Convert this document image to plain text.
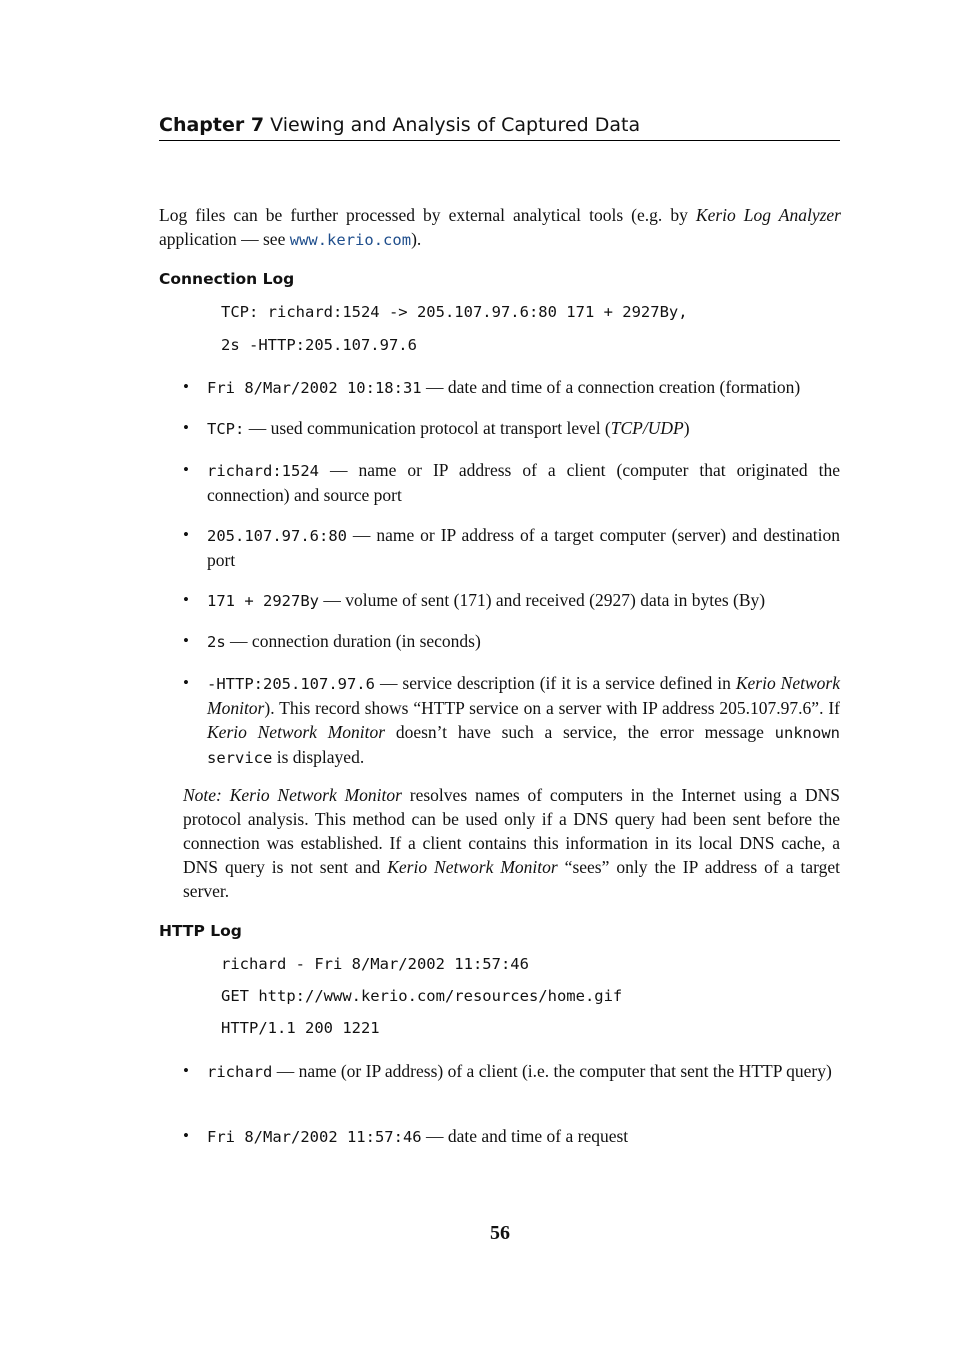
Chapter 7 Viewing and Analysis of Captured Data
Log files can be further processed by external analytical tools (e.g. by Kerio Log Analyzer application — see www.kerio.com).
Connection Log
TCP: richard:1524 -> 205.107.97.6:80 171 + 2927By,
2s -HTTP:205.107.97.6
• Fri 8/Mar/2002 10:18:31 — date and time of a connection creation (formation)
• TCP: — used communication protocol at transport level (TCP/UDP)
• richard:1524 — name or IP address of a client (computer that originated the connection) and source port
• 205.107.97.6:80 — name or IP address of a target computer (server) and destination port
• 171 + 2927By — volume of sent (171) and received (2927) data in bytes (By)
• 2s — connection duration (in seconds)
• -HTTP:205.107.97.6 — service description (if it is a service defined in Kerio Network Monitor). This record shows “HTTP service on a server with IP address 205.107.97.6”. If Kerio Network Monitor doesn’t have such a service, the error message unknown service is displayed.
Note: Kerio Network Monitor resolves names of computers in the Internet using a DNS protocol analysis. This method can be used only if a DNS query had been sent before the connection was established. If a client contains this information in its local DNS cache, a DNS query is not sent and Kerio Network Monitor “sees” only the IP address of a target server.
HTTP Log
richard - Fri 8/Mar/2002 11:57:46
GET http://www.kerio.com/resources/home.gif
HTTP/1.1 200 1221
• richard — name (or IP address) of a client (i.e. the computer that sent the HTTP query)
• Fri 8/Mar/2002 11:57:46 — date and time of a request
56
